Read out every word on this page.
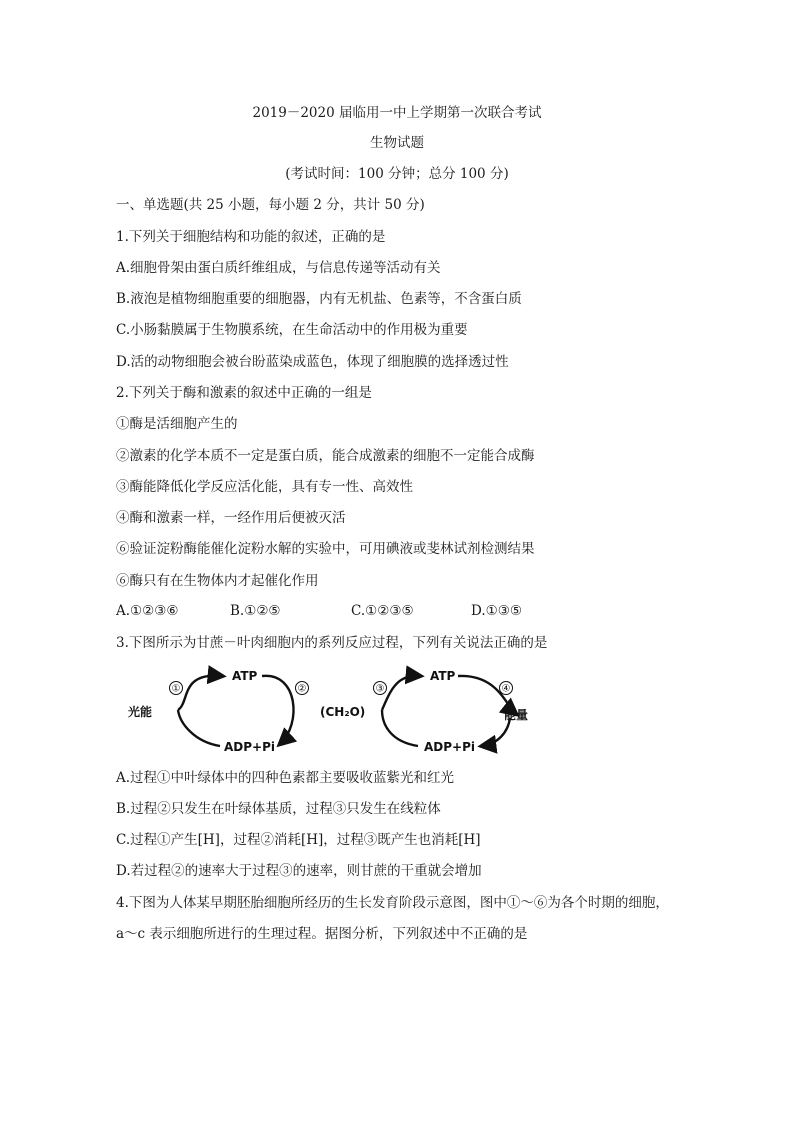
2019－2020 届临用一中上学期第一次联合考试
生物试题
(考试时间：100 分钟；总分 100 分)
一、单选题(共 25 小题，每小题 2 分，共计 50 分)
1.下列关于细胞结构和功能的叙述，正确的是
A.细胞骨架由蛋白质纤维组成，与信息传递等活动有关
B.液泡是植物细胞重要的细胞器，内有无机盐、色素等，不含蛋白质
C.小肠黏膜属于生物膜系统，在生命活动中的作用极为重要
D.活的动物细胞会被台盼蓝染成蓝色，体现了细胞膜的选择透过性
2.下列关于酶和激素的叙述中正确的一组是
①酶是活细胞产生的
②激素的化学本质不一定是蛋白质，能合成激素的细胞不一定能合成酶
③酶能降低化学反应活化能，具有专一性、高效性
④酶和激素一样，一经作用后便被灭活
⑥验证淀粉酶能催化淀粉水解的实验中，可用碘液或斐林试剂检测结果
⑥酶只有在生物体内才起催化作用
A.①②③⑥	B.①②⑤	C.①②③⑤	D.①③⑤
3.下图所示为甘蔗－叶肉细胞内的系列反应过程，下列有关说法正确的是
光能
①
ATP
②
ADP+Pi
(CH₂O)
③
ATP
④
ADP+Pi
能量
A.过程①中叶绿体中的四种色素都主要吸收蓝紫光和红光
B.过程②只发生在叶绿体基质，过程③只发生在线粒体
C.过程①产生[H]，过程②消耗[H]，过程③既产生也消耗[H]
D.若过程②的速率大于过程③的速率，则甘蔗的干重就会增加
4.下图为人体某早期胚胎细胞所经历的生长发育阶段示意图，图中①～⑥为各个时期的细胞，
a～c 表示细胞所进行的生理过程。据图分析，下列叙述中不正确的是
